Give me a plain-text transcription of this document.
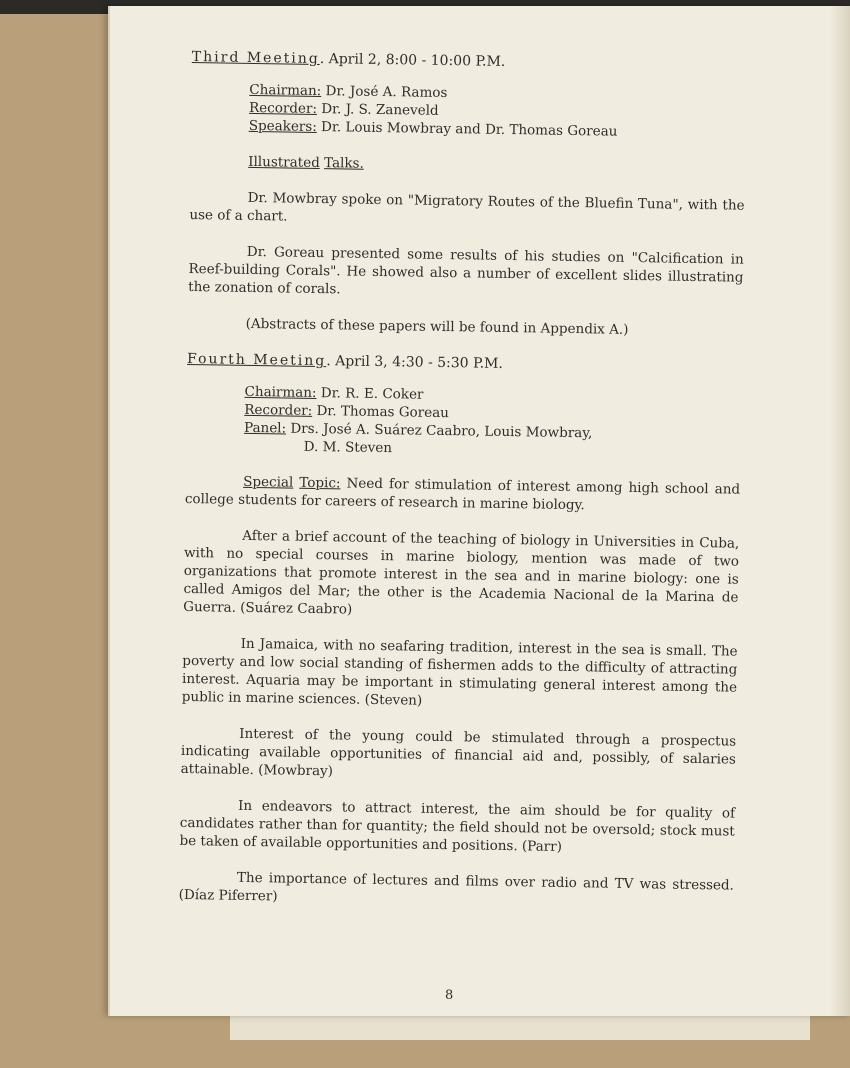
Third Meeting. April 2, 8:00 - 10:00 P.M.

Chairman: Dr. José A. Ramos
Recorder: Dr. J. S. Zaneveld
Speakers: Dr. Louis Mowbray and Dr. Thomas Goreau

Illustrated Talks.

Dr. Mowbray spoke on "Migratory Routes of the Bluefin Tuna", with the use of a chart.

Dr. Goreau presented some results of his studies on "Calcification in Reef-building Corals". He showed also a number of excellent slides illustrating the zonation of corals.

(Abstracts of these papers will be found in Appendix A.)

Fourth Meeting. April 3, 4:30 - 5:30 P.M.

Chairman: Dr. R. E. Coker
Recorder: Dr. Thomas Goreau
Panel: Drs. José A. Suárez Caabro, Louis Mowbray,
D. M. Steven

Special Topic: Need for stimulation of interest among high school and college students for careers of research in marine biology.

After a brief account of the teaching of biology in Universities in Cuba, with no special courses in marine biology, mention was made of two organizations that promote interest in the sea and in marine biology: one is called Amigos del Mar; the other is the Academia Nacional de la Marina de Guerra. (Suárez Caabro)

In Jamaica, with no seafaring tradition, interest in the sea is small. The poverty and low social standing of fishermen adds to the difficulty of attracting interest. Aquaria may be important in stimulating general interest among the public in marine sciences. (Steven)

Interest of the young could be stimulated through a prospectus indicating available opportunities of financial aid and, possibly, of salaries attainable. (Mowbray)

In endeavors to attract interest, the aim should be for quality of candidates rather than for quantity; the field should not be oversold; stock must be taken of available opportunities and positions. (Parr)

The importance of lectures and films over radio and TV was stressed. (Díaz Piferrer)

8
